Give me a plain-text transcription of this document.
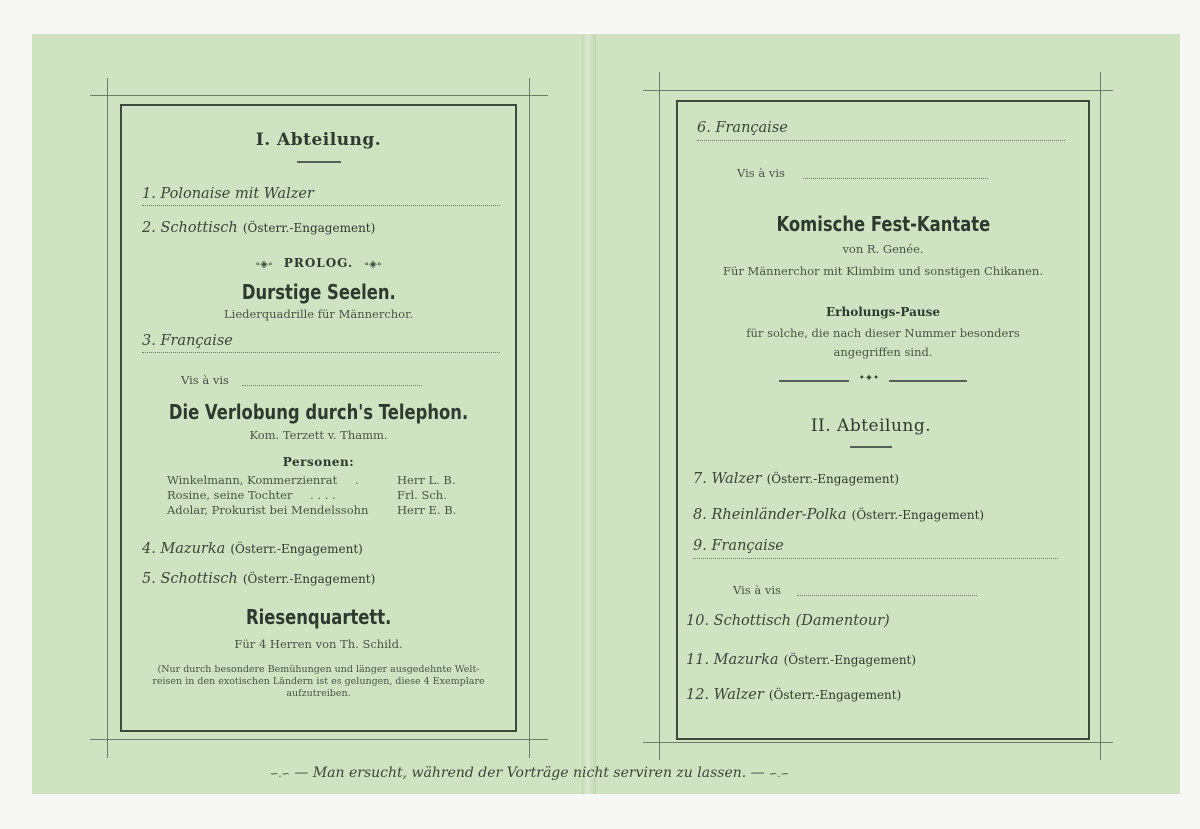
I. Abteilung.
1. Polonaise mit Walzer
2. Schottisch (Österr.-Engagement)
∘◈∘ PROLOG. ∘◈∘
Durstige Seelen.
Liederquadrille für Männerchor.
3. Française
Vis à vis
Die Verlobung durch's Telephon.
Kom. Terzett v. Thamm.
Personen:
Winkelmann, Kommerzienrat .	Herr L. B.
Rosine, seine Tochter . . . .	Frl. Sch.
Adolar, Prokurist bei Mendelssohn Herr E. B.
4. Mazurka (Österr.-Engagement)
5. Schottisch (Österr.-Engagement)
Riesenquartett.
Für 4 Herren von Th. Schild.
(Nur durch besondere Bemühungen und länger ausgedehnte Welt-
reisen in den exotischen Ländern ist es gelungen, diese 4 Exemplare
aufzutreiben.
6. Française
Vis à vis
Komische Fest-Kantate
von R. Genée.
Für Männerchor mit Klimbim und sonstigen Chikanen.
Erholungs-Pause
für solche, die nach dieser Nummer besonders
angegriffen sind.
•✦•
II. Abteilung.
7. Walzer (Österr.-Engagement)
8. Rheinländer-Polka (Österr.-Engagement)
9. Française
Vis à vis
10. Schottisch (Damentour)
11. Mazurka (Österr.-Engagement)
12. Walzer (Österr.-Engagement)
∽.∽ — Man ersucht, während der Vorträge nicht serviren zu lassen. — ∽.∽
